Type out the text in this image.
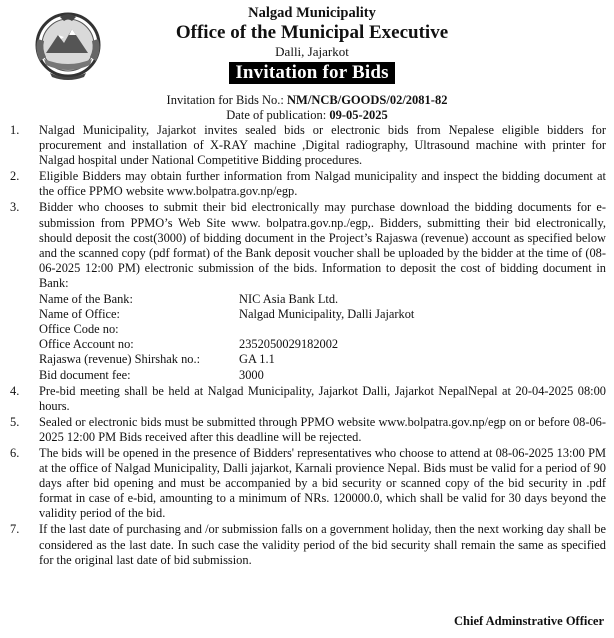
Nalgad Municipality
Office of the Municipal Executive
Dalli, Jajarkot
Invitation for Bids
Invitation for Bids No.: NM/NCB/GOODS/02/2081-82
Date of publication: 09-05-2025
1. Nalgad Municipality, Jajarkot invites sealed bids or electronic bids from Nepalese eligible bidders for procurement and installation of X-RAY machine ,Digital radiography, Ultrasound machine with printer for Nalgad hospital under National Competitive Bidding procedures.
2. Eligible Bidders may obtain further information from Nalgad municipality and inspect the bidding document at the office PPMO website www.bolpatra.gov.np/egp.
3. Bidder who chooses to submit their bid electronically may purchase download the bidding documents for e-submission from PPMO’s Web Site www. bolpatra.gov.np./egp,. Bidders, submitting their bid electronically, should deposit the cost(3000) of bidding document in the Project’s Rajaswa (revenue) account as specified below and the scanned copy (pdf format) of the Bank deposit voucher shall be uploaded by the bidder at the time of (08-06-2025 12:00 PM) electronic submission of the bids. Information to deposit the cost of bidding document in Bank:
Name of the Bank:	NIC Asia Bank Ltd.
Name of Office:	Nalgad Municipality, Dalli Jajarkot
Office Code no:
Office Account no:	2352050029182002
Rajaswa (revenue) Shirshak no.:	GA 1.1
Bid document fee:	3000
4. Pre-bid meeting shall be held at Nalgad Municipality, Jajarkot Dalli, Jajarkot NepalNepal at 20-04-2025 08:00 hours.
5. Sealed or electronic bids must be submitted through PPMO website www.bolpatra.gov.np/egp on or before 08-06-2025 12:00 PM Bids received after this deadline will be rejected.
6. The bids will be opened in the presence of Bidders' representatives who choose to attend at 08-06-2025 13:00 PM at the office of Nalgad Municipality, Dalli jajarkot, Karnali provience Nepal. Bids must be valid for a period of 90 days after bid opening and must be accompanied by a bid security or scanned copy of the bid security in .pdf format in case of e-bid, amounting to a minimum of NRs. 120000.0, which shall be valid for 30 days beyond the validity period of the bid.
7. If the last date of purchasing and /or submission falls on a government holiday, then the next working day shall be considered as the last date. In such case the validity period of the bid security shall remain the same as specified for the original last date of bid submission.
Chief Adminstrative Officer
